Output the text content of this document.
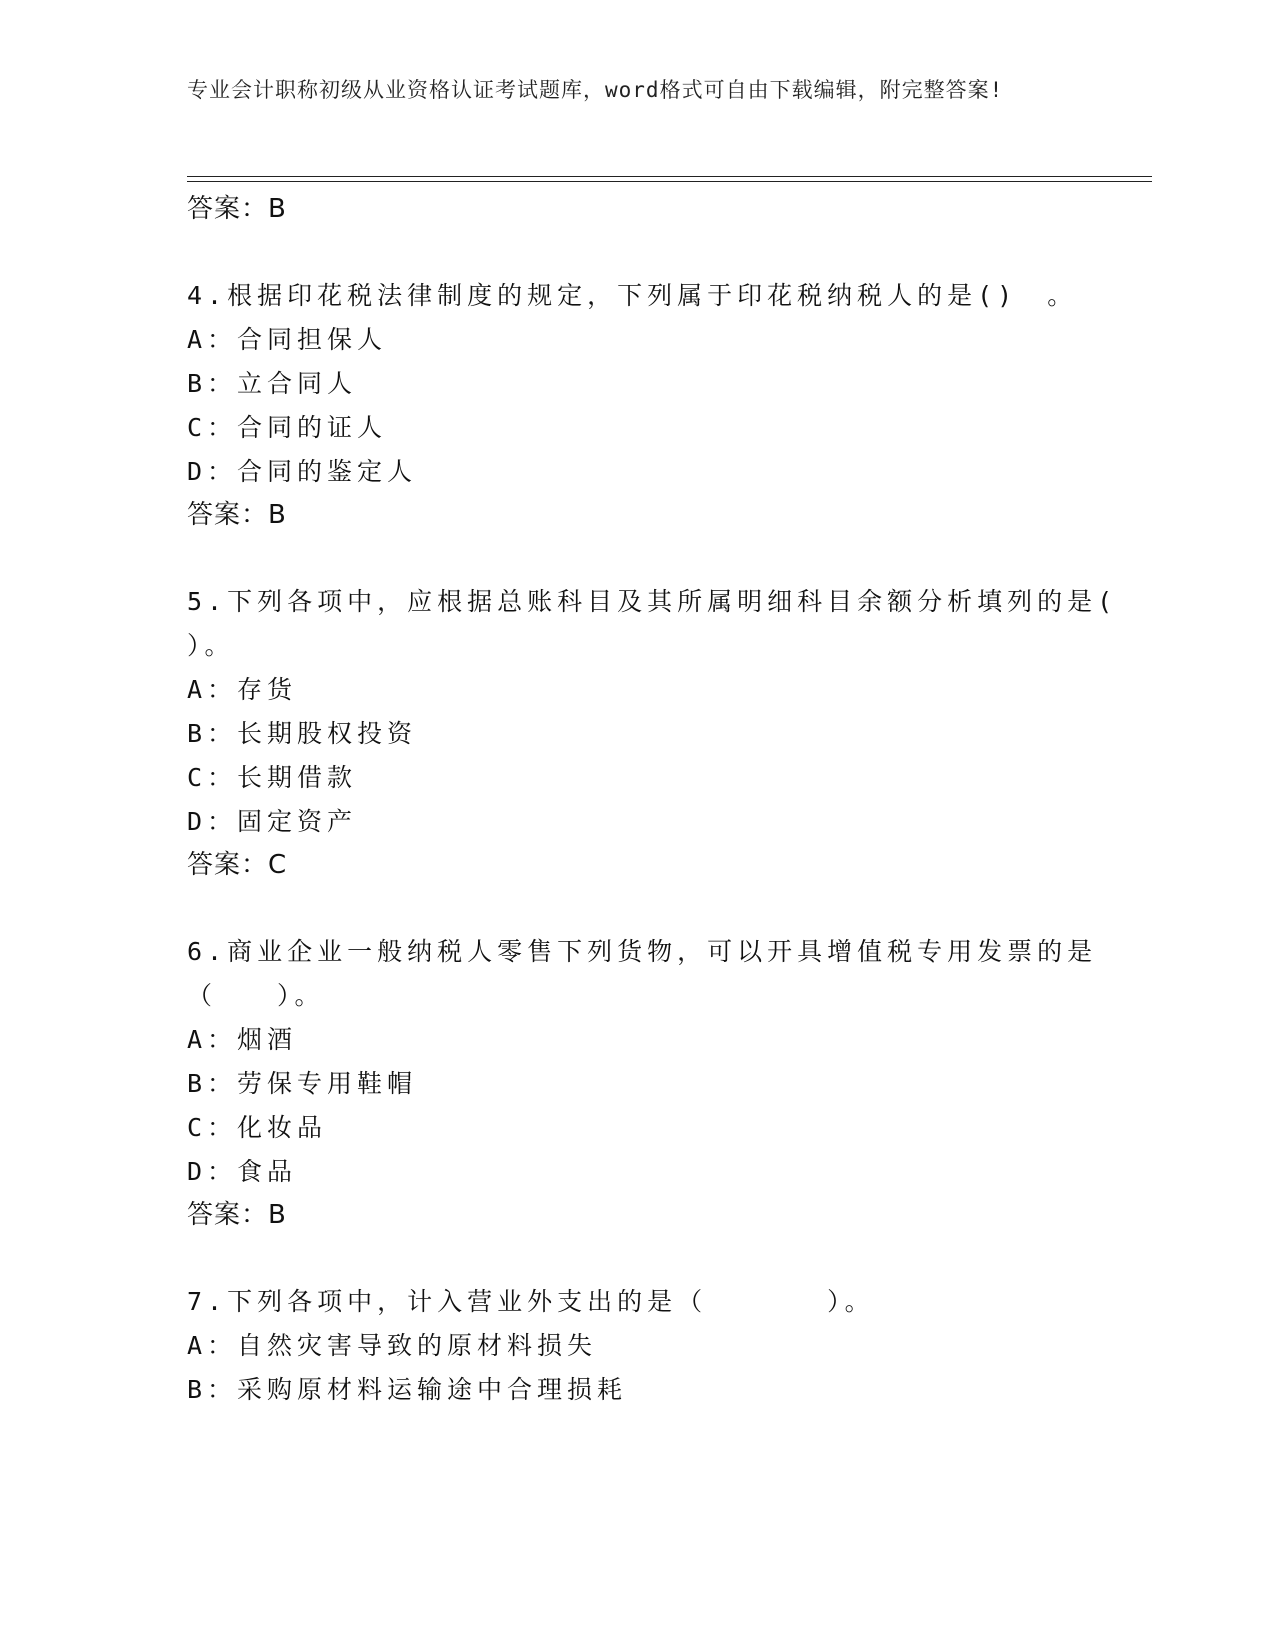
专业会计职称初级从业资格认证考试题库，word格式可自由下载编辑，附完整答案!
答案：B
4.根据印花税法律制度的规定，下列属于印花税纳税人的是()　。
A：合同担保人
B：立合同人
C：合同的证人
D：合同的鉴定人
答案：B
5.下列各项中，应根据总账科目及其所属明细科目余额分析填列的是(
）。
A：存货
B：长期股权投资
C：长期借款
D：固定资产
答案：C
6.商业企业一般纳税人零售下列货物，可以开具增值税专用发票的是
（　　）。
A：烟酒
B：劳保专用鞋帽
C：化妆品
D：食品
答案：B
7.下列各项中，计入营业外支出的是（　　　　）。
A：自然灾害导致的原材料损失
B：采购原材料运输途中合理损耗
